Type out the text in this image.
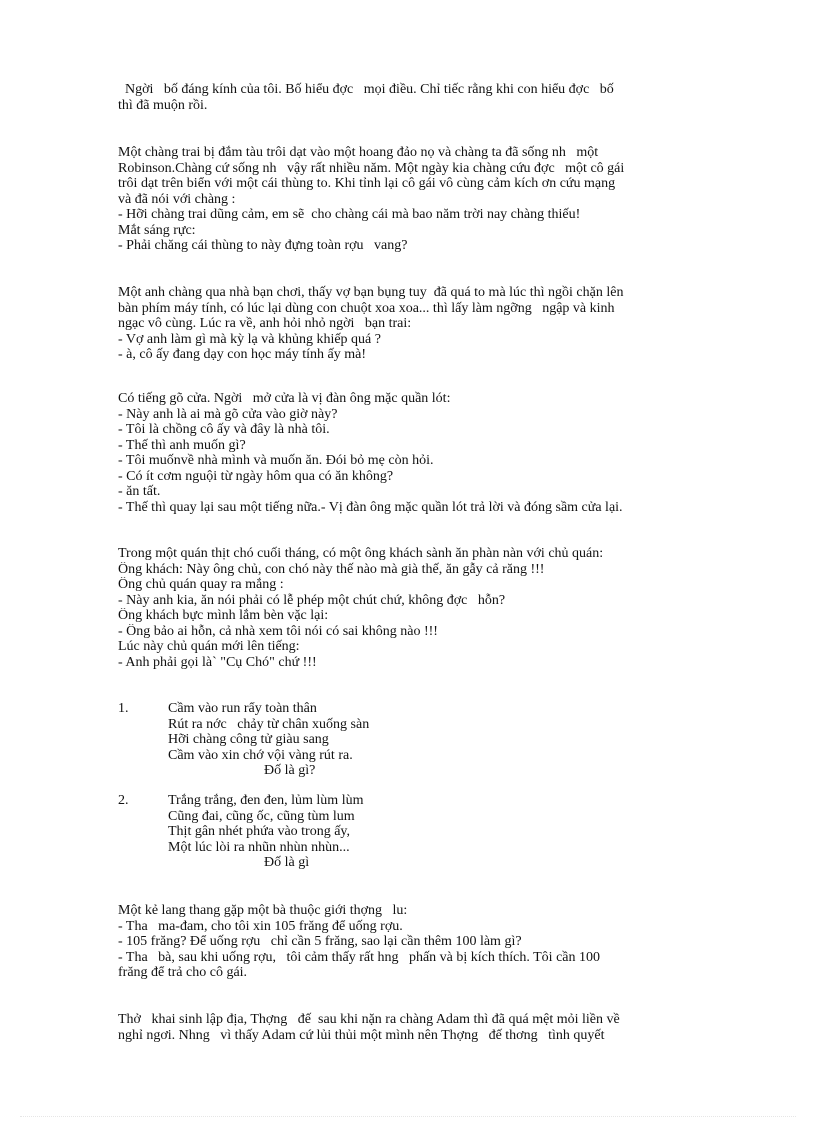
Ngời   bố đáng kính của tôi. Bố hiểu đợc   mọi điều. Chỉ tiếc rằng khi con hiểu đợc   bố
thì đã muộn rồi.
Một chàng trai bị đắm tàu trôi dạt vào một hoang đảo nọ và chàng ta đã sống nh   một
Robinson.Chàng cứ sống nh   vậy rất nhiều năm. Một ngày kia chàng cứu đợc   một cô gái
trôi dạt trên biển với một cái thùng to. Khi tỉnh lại cô gái vô cùng cảm kích ơn cứu mạng
và đã nói với chàng :
- Hỡi chàng trai dũng cảm, em sẽ  cho chàng cái mà bao năm trời nay chàng thiếu!
Mắt sáng rực:
- Phải chăng cái thùng to này đựng toàn rợu   vang?
Một anh chàng qua nhà bạn chơi, thấy vợ bạn bụng tuy  đã quá to mà lúc thì ngồi chặn lên
bàn phím máy tính, có lúc lại dùng con chuột xoa xoa... thì lấy làm ngỡng   ngập và kinh
ngạc vô cùng. Lúc ra về, anh hỏi nhỏ ngời   bạn trai:
- Vợ anh làm gì mà kỳ lạ và khủng khiếp quá ?
- à, cô ấy đang dạy con học máy tính ấy mà!
Có tiếng gõ cửa. Ngời   mở cửa là vị đàn ông mặc quần lót:
- Này anh là ai mà gõ cửa vào giờ này?
- Tôi là chồng cô ấy và đây là nhà tôi.
- Thế thì anh muốn gì?
- Tôi muốnvề nhà mình và muốn ăn. Đói bỏ mẹ còn hỏi.
- Có ít cơm nguội từ ngày hôm qua có ăn không?
- ăn tất.
- Thế thì quay lại sau một tiếng nữa.- Vị đàn ông mặc quần lót trả lời và đóng sầm cửa lại.
Trong một quán thịt chó cuối tháng, có một ông khách sành ăn phàn nàn với chủ quán:
Ông khách: Này ông chủ, con chó này thế nào mà già thế, ăn gẫy cả răng !!!
Ông chủ quán quay ra mắng :
- Này anh kia, ăn nói phải có lễ phép một chút chứ, không đợc   hỗn?
Ông khách bực mình lắm bèn vặc lại:
- Ông bảo ai hỗn, cả nhà xem tôi nói có sai không nào !!!
Lúc này chủ quán mới lên tiếng:
- Anh phải gọi là` "Cụ Chó" chứ !!!
1.	Cầm vào run rẩy toàn thân
Rút ra nớc   chảy từ chân xuống sàn
Hỡi chàng công tử giàu sang
Cầm vào xin chớ vội vàng rút ra.
Đố là gì?
2.	Trắng trắng, đen đen, lủm lùm lùm
Cũng đai, cũng ốc, cũng tùm lum
Thịt gân nhét phứa vào trong ấy,
Một lúc lòi ra nhũn nhùn nhùn...
Đố là gì
Một kẻ lang thang gặp một bà thuộc giới thợng   lu:
- Tha   ma-đam, cho tôi xin 105 frăng để uống rợu.
- 105 frăng? Để uống rợu   chỉ cần 5 frăng, sao lại cần thêm 100 làm gì?
- Tha   bà, sau khi uống rợu,   tôi cảm thấy rất hng   phấn và bị kích thích. Tôi cần 100
frăng để trả cho cô gái.
Thở   khai sinh lập địa, Thợng   đế  sau khi nặn ra chàng Adam thì đã quá mệt mỏi liền về
nghỉ ngơi. Nhng   vì thấy Adam cứ lủi thủi một mình nên Thợng   đế thơng   tình quyết
